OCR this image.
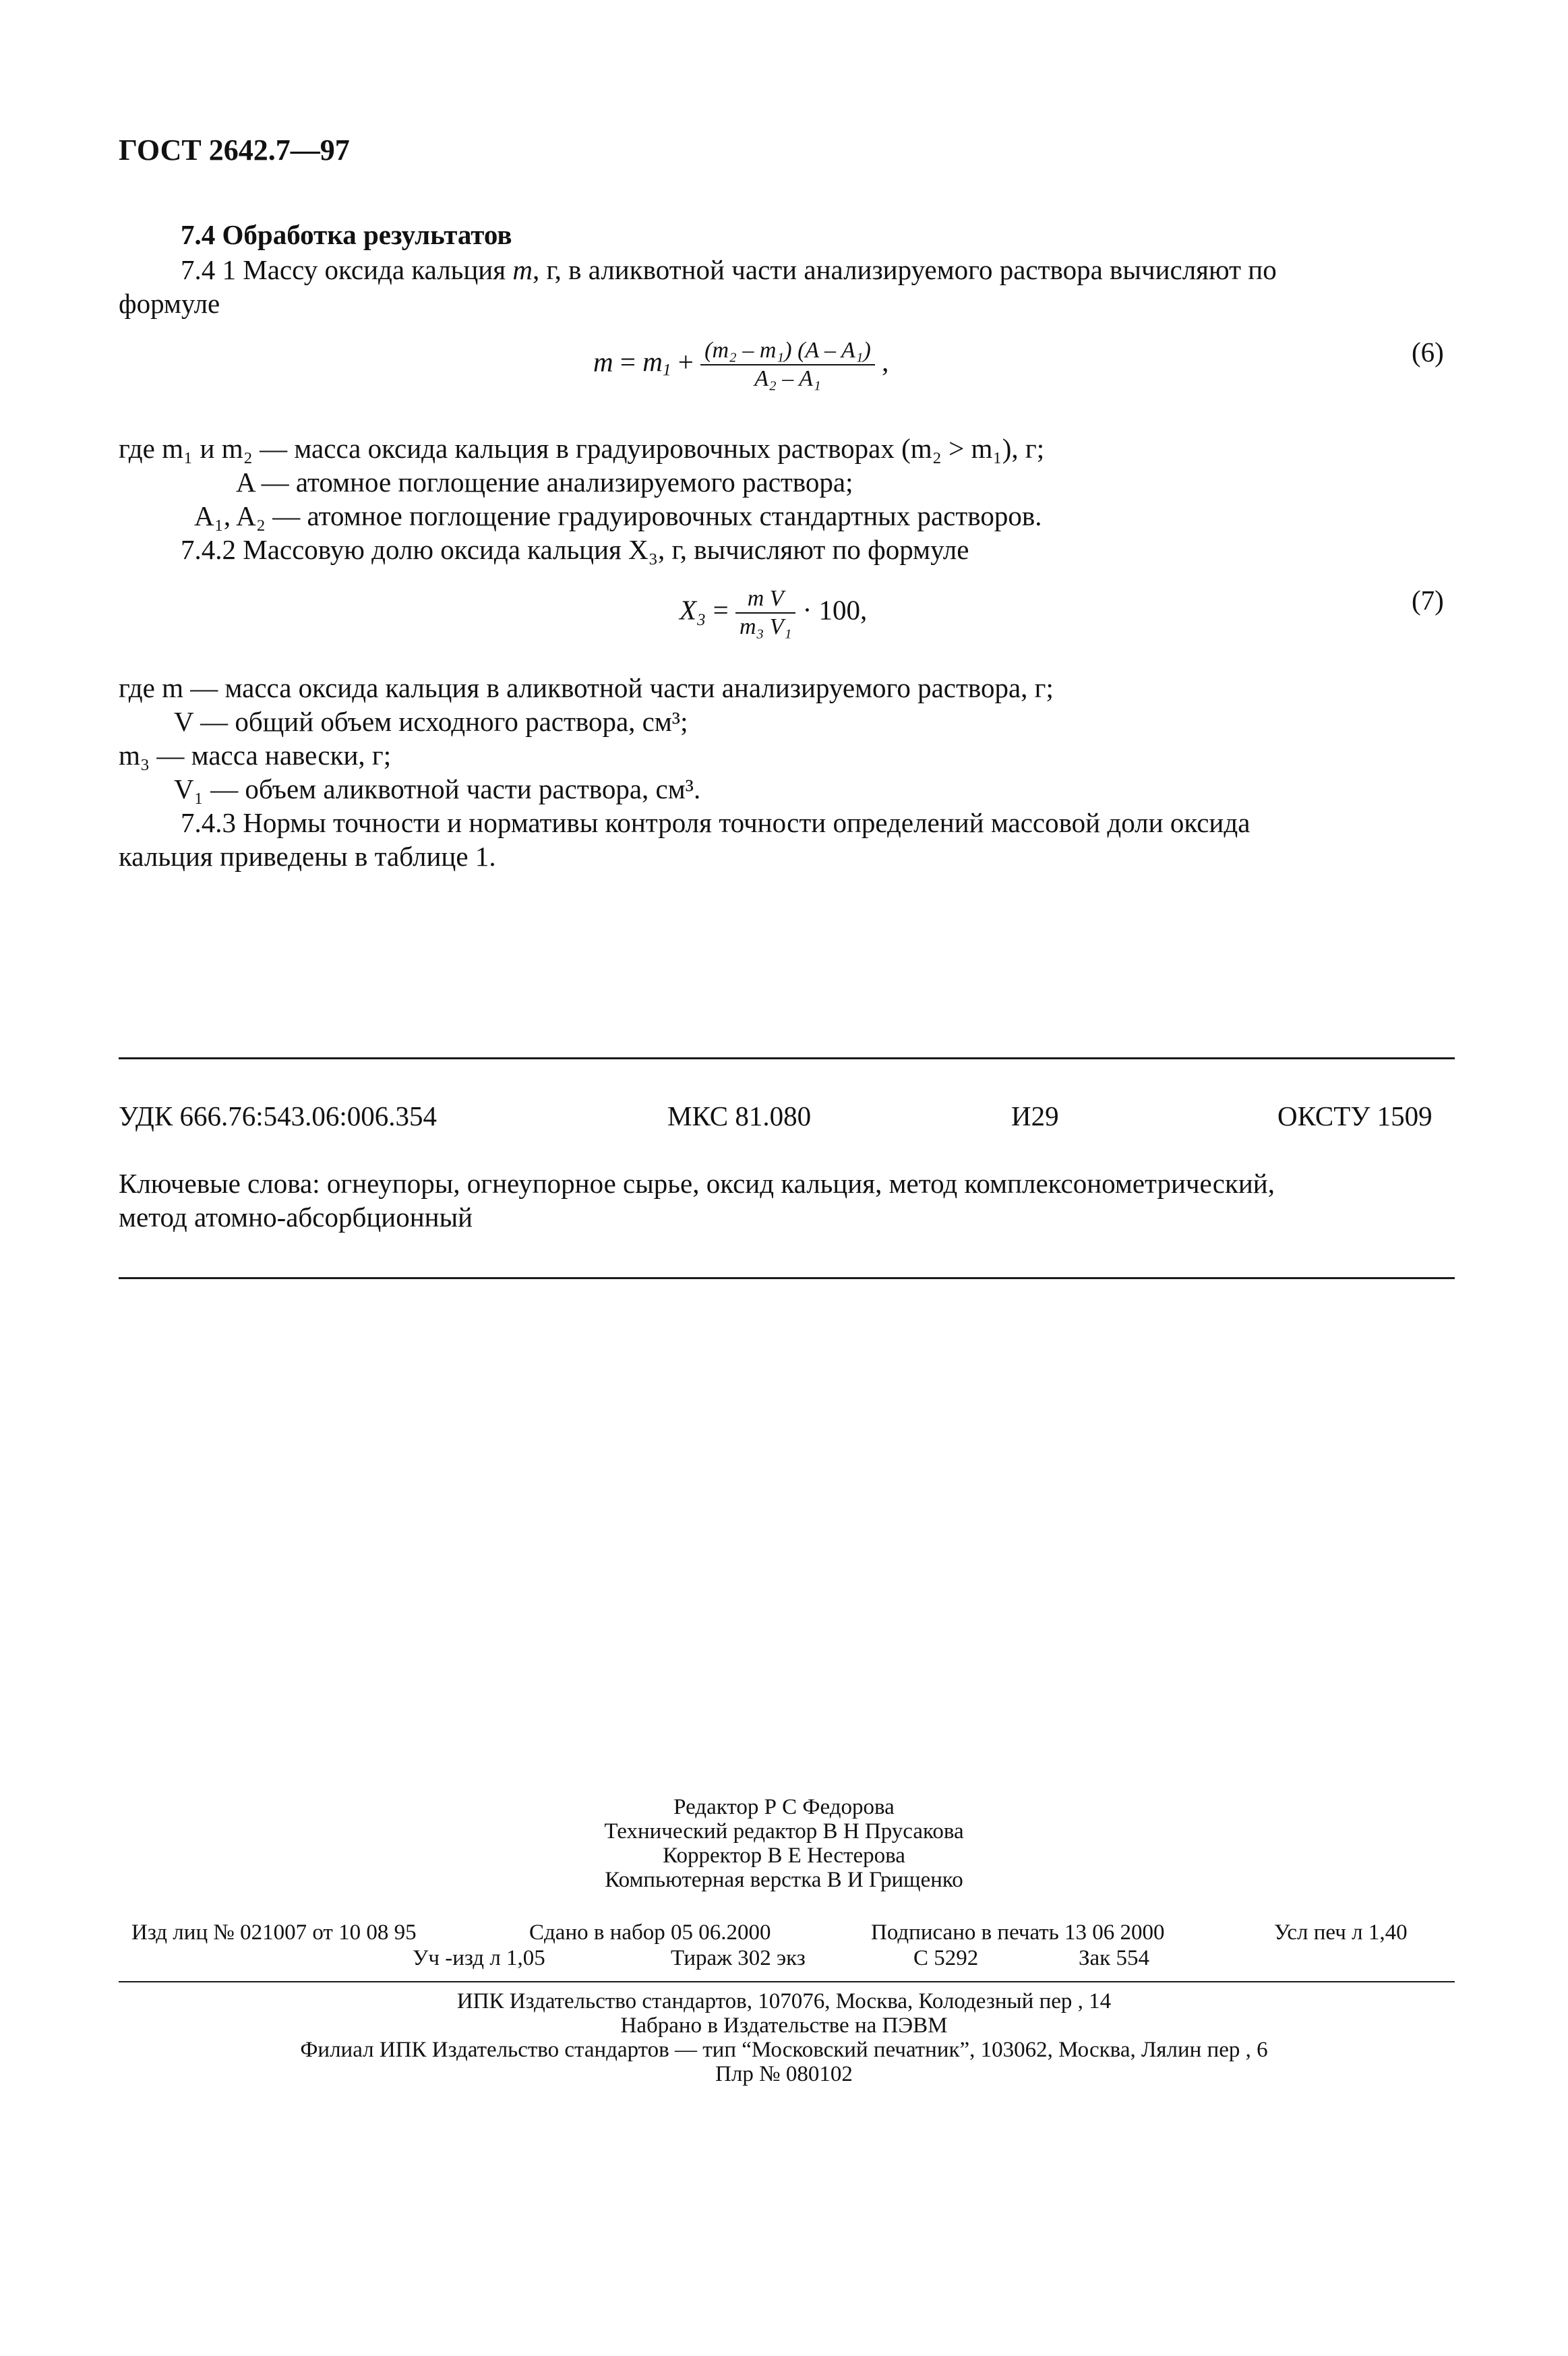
ГОСТ 2642.7—97
7.4 Обработка результатов
7.4 1 Массу оксида кальция m, г, в аликвотной части анализируемого раствора вычисляют по
формуле
$m = m_1 + \frac{\text{(m₂ – m₁) (A – A₁)}}{\text{A₂ – A₁}}$ ,	(6)
где m₁ и m₂ — масса оксида кальция в градуировочных растворах (m₂ > m₁), г;
A — атомное поглощение анализируемого раствора;
A₁, A₂ — атомное поглощение градуировочных стандартных растворов.
7.4.2 Массовую долю оксида кальция X₃, г, вычисляют по формуле
$X_3 = \frac{\text{m V}}{\text{m₃ V₁}} \cdot 100$,	(7)
где m — масса оксида кальция в аликвотной части анализируемого раствора, г;
V — общий объем исходного раствора, см³;
m₃ — масса навески, г;
V₁ — объем аликвотной части раствора, см³.
7.4.3 Нормы точности и нормативы контроля точности определений массовой доли оксида
кальция приведены в таблице 1.
УДК 666.76:543.06:006.354	МКС 81.080	И29	ОКСТУ 1509
Ключевые слова: огнеупоры, огнеупорное сырье, оксид кальция, метод комплексонометрический,
метод атомно-абсорбционный
Редактор Р С Федорова
Технический редактор В Н Прусакова
Корректор В Е Нестерова
Компьютерная верстка В И Грищенко
Изд лиц № 021007 от 10 08 95	Сдано в набор 05 06.2000	Подписано в печать 13 06 2000	Усл печ л 1,40
Уч -изд л 1,05	Тираж 302 экз	С 5292	Зак 554
ИПК Издательство стандартов, 107076, Москва, Колодезный пер , 14
Набрано в Издательстве на ПЭВМ
Филиал ИПК Издательство стандартов — тип “Московский печатник”, 103062, Москва, Лялин пер , 6
Плр № 080102
